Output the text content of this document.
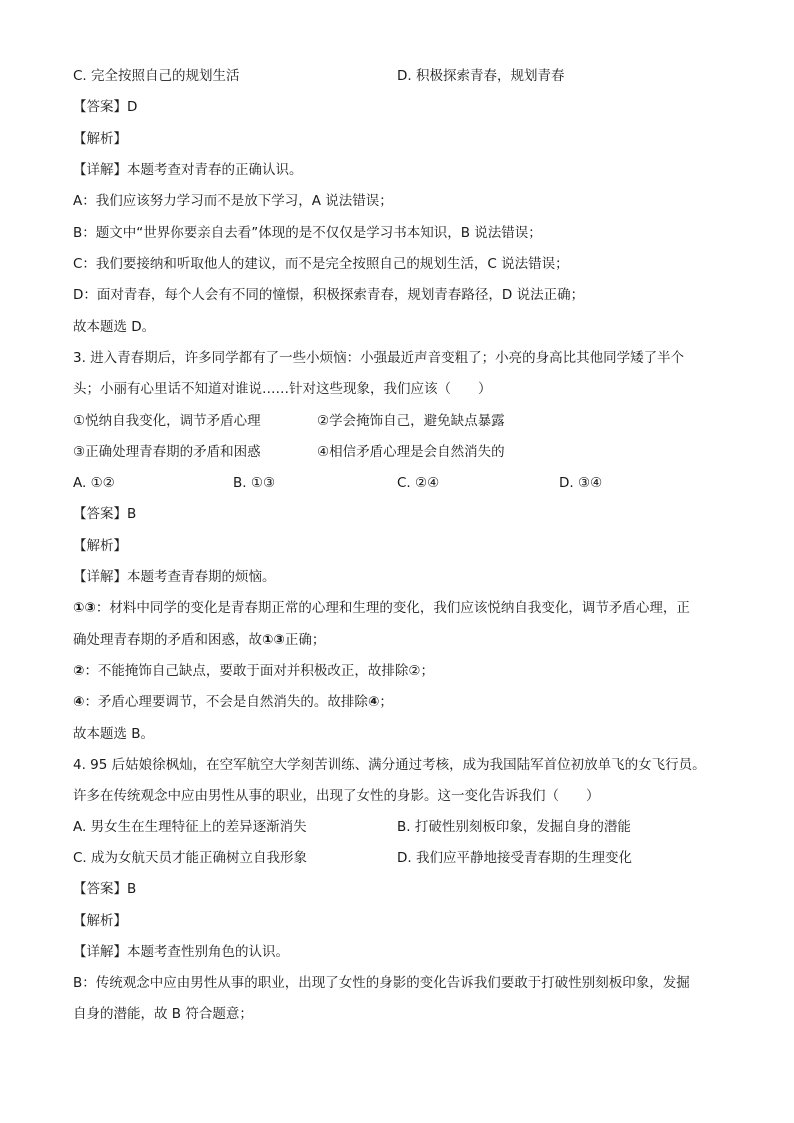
C. 完全按照自己的规划生活	D. 积极探索青春，规划青春
【答案】D
【解析】
【详解】本题考查对青春的正确认识。
A：我们应该努力学习而不是放下学习，A 说法错误；
B：题文中“世界你要亲自去看”体现的是不仅仅是学习书本知识，B 说法错误；
C：我们要接纳和听取他人的建议，而不是完全按照自己的规划生活，C 说法错误；
D：面对青春，每个人会有不同的憧憬，积极探索青春，规划青春路径，D 说法正确；
故本题选 D。
3. 进入青春期后，许多同学都有了一些小烦恼：小强最近声音变粗了；小亮的身高比其他同学矮了半个
头；小丽有心里话不知道对谁说……针对这些现象，我们应该（　　）
①悦纳自我变化，调节矛盾心理	②学会掩饰自己，避免缺点暴露
③正确处理青春期的矛盾和困惑	④相信矛盾心理是会自然消失的
A. ①②	B. ①③	C. ②④	D. ③④
【答案】B
【解析】
【详解】本题考查青春期的烦恼。
①③：材料中同学的变化是青春期正常的心理和生理的变化，我们应该悦纳自我变化，调节矛盾心理，正
确处理青春期的矛盾和困惑，故①③正确；
②：不能掩饰自己缺点，要敢于面对并积极改正，故排除②；
④：矛盾心理要调节，不会是自然消失的。故排除④；
故本题选 B。
4. 95 后姑娘徐枫灿，在空军航空大学刻苦训练、满分通过考核，成为我国陆军首位初放单飞的女飞行员。
许多在传统观念中应由男性从事的职业，出现了女性的身影。这一变化告诉我们（　　）
A. 男女生在生理特征上的差异逐渐消失	B. 打破性别刻板印象，发掘自身的潜能
C. 成为女航天员才能正确树立自我形象	D. 我们应平静地接受青春期的生理变化
【答案】B
【解析】
【详解】本题考查性别角色的认识。
B：传统观念中应由男性从事的职业，出现了女性的身影的变化告诉我们要敢于打破性别刻板印象，发掘
自身的潜能，故 B 符合题意；
